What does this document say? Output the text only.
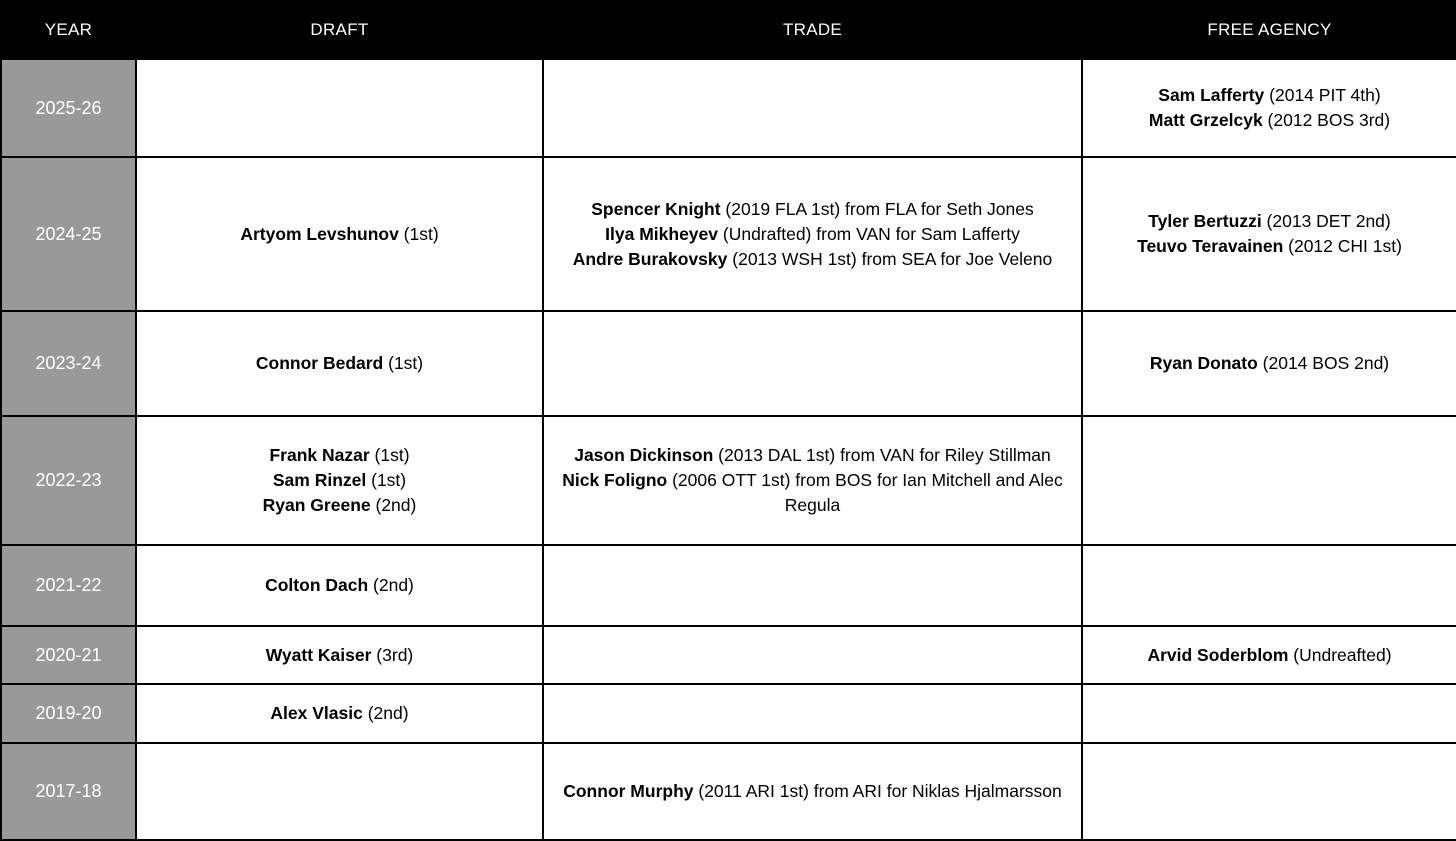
YEAR	DRAFT	TRADE	FREE AGENCY
2025-26			Sam Lafferty (2014 PIT 4th)
Matt Grzelcyk (2012 BOS 3rd)

2024-25	Artyom Levshunov (1st)	Spencer Knight (2019 FLA 1st) from FLA for Seth Jones
Ilya Mikheyev (Undrafted) from VAN for Sam Lafferty
Andre Burakovsky (2013 WSH 1st) from SEA for Joe Veleno	Tyler Bertuzzi (2013 DET 2nd)
Teuvo Teravainen (2012 CHI 1st)

2023-24	Connor Bedard (1st)		Ryan Donato (2014 BOS 2nd)

2022-23	Frank Nazar (1st)
Sam Rinzel (1st)
Ryan Greene (2nd)	Jason Dickinson (2013 DAL 1st) from VAN for Riley Stillman
Nick Foligno (2006 OTT 1st) from BOS for Ian Mitchell and Alec Regula	

2021-22	Colton Dach (2nd)		

2020-21	Wyatt Kaiser (3rd)		Arvid Soderblom (Undreafted)

2019-20	Alex Vlasic (2nd)		

2017-18		Connor Murphy (2011 ARI 1st) from ARI for Niklas Hjalmarsson	
